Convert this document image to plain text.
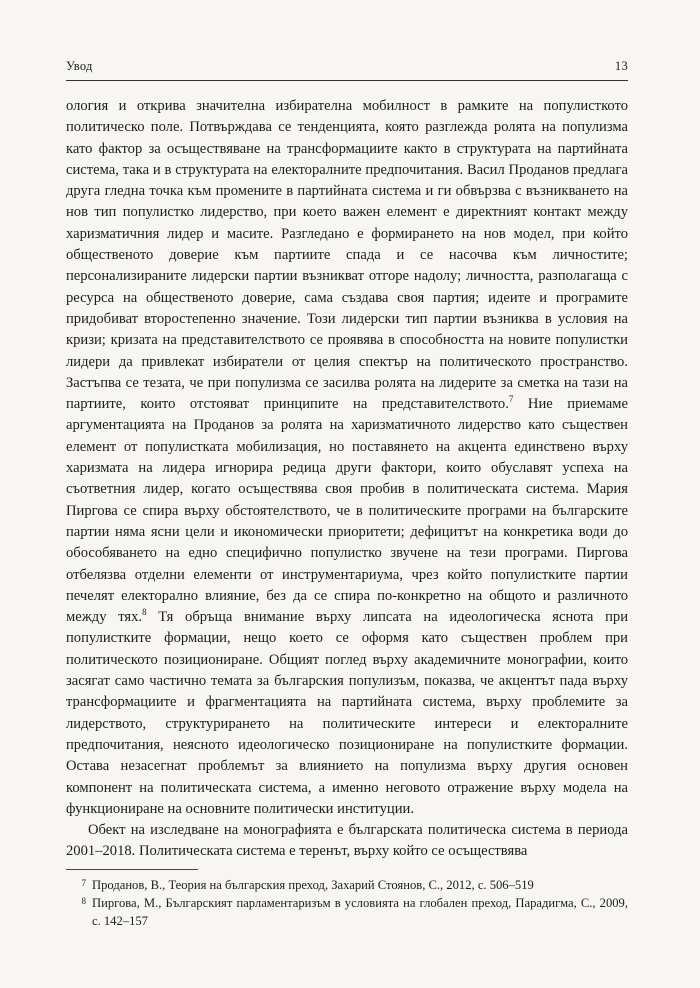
Увод	13

ология и открива значителна избирателна мобилност в рамките на популисткото политическо поле. Потвърждава се тенденцията, която разглежда ролята на популизма като фактор за осъществяване на трансформациите както в структурата на партийната система, така и в структурата на електоралните предпочитания. Васил Проданов предлага друга гледна точка към промените в партийната система и ги обвързва с възникването на нов тип популистко лидерство, при което важен елемент е директният контакт между харизматичния лидер и масите. Разгледано е формирането на нов модел, при който общественото доверие към партиите спада и се насочва към личностите; персонализираните лидерски партии възникват отгоре надолу; личността, разполагаща с ресурса на общественото доверие, сама създава своя партия; идеите и програмите придобиват второстепенно значение. Този лидерски тип партии възниква в условия на кризи; кризата на представителството се проявява в способността на новите популистки лидери да привлекат избиратели от целия спектър на политическото пространство. Застъпва се тезата, че при популизма се засилва ролята на лидерите за сметка на тази на партиите, които отстояват принципите на представителството.$^7$ Ние приемаме аргументацията на Проданов за ролята на харизматичното лидерство като съществен елемент от популистката мобилизация, но поставянето на акцента единствено върху харизмата на лидера игнорира редица други фактори, които обуславят успеха на съответния лидер, когато осъществява своя пробив в политическата система. Мария Пиргова се спира върху обстоятелството, че в политическите програми на българските партии няма ясни цели и икономически приоритети; дефицитът на конкретика води до обособяването на едно специфично популистко звучене на тези програми. Пиргова отбелязва отделни елементи от инструментариума, чрез който популистките партии печелят електорално влияние, без да се спира по-конкретно на общото и различното между тях.$^8$ Тя обръща внимание върху липсата на идеологическа яснота при популистките формации, нещо което се оформя като съществен проблем при политическото позициониране. Общият поглед върху академичните монографии, които засягат само частично темата за българския популизъм, показва, че акцентът пада върху трансформациите и фрагментацията на партийната система, върху проблемите за лидерството, структурирането на политическите интереси и електоралните предпочитания, неясното идеологическо позициониране на популистките формации. Остава незасегнат проблемът за влиянието на популизма върху другия основен компонент на политическата система, а именно неговото отражение върху модела на функциониране на основните политически институции.

Обект на изследване на монографията е българската политическа система в периода 2001–2018. Политическата система е теренът, върху който се осъществява

7 Проданов, В., Теория на българския преход, Захарий Стоянов, С., 2012, с. 506–519
8 Пиргова, М., Българският парламентаризъм в условията на глобален преход, Парадигма, С., 2009, с. 142–157
